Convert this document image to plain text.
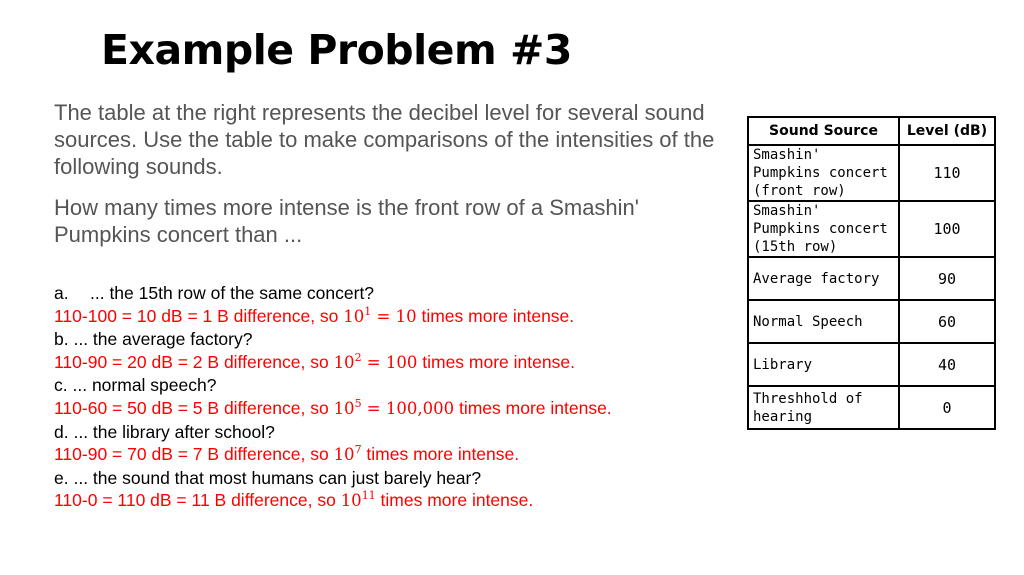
Example Problem #3

The table at the right represents the decibel level for several sound sources. Use the table to make comparisons of the intensities of the following sounds.

How many times more intense is the front row of a Smashin' Pumpkins concert than ...

a. ... the 15th row of the same concert?
110-100 = 10 dB = 1 B difference, so $10^1 = 10$ times more intense.
b. ... the average factory?
110-90 = 20 dB = 2 B difference, so $10^2 = 100$ times more intense.
c. ... normal speech?
110-60 = 50 dB = 5 B difference, so $10^5 = 100,000$ times more intense.
d. ... the library after school?
110-90 = 70 dB = 7 B difference, so $10^7$ times more intense.
e. ... the sound that most humans can just barely hear?
110-0 = 110 dB = 11 B difference, so $10^{11}$ times more intense.
Sound Source	Level (dB)
Smashin' Pumpkins concert (front row)	110
Smashin' Pumpkins concert (15th row)	100
Average factory	90
Normal Speech	60
Library	40
Threshhold of hearing	0
